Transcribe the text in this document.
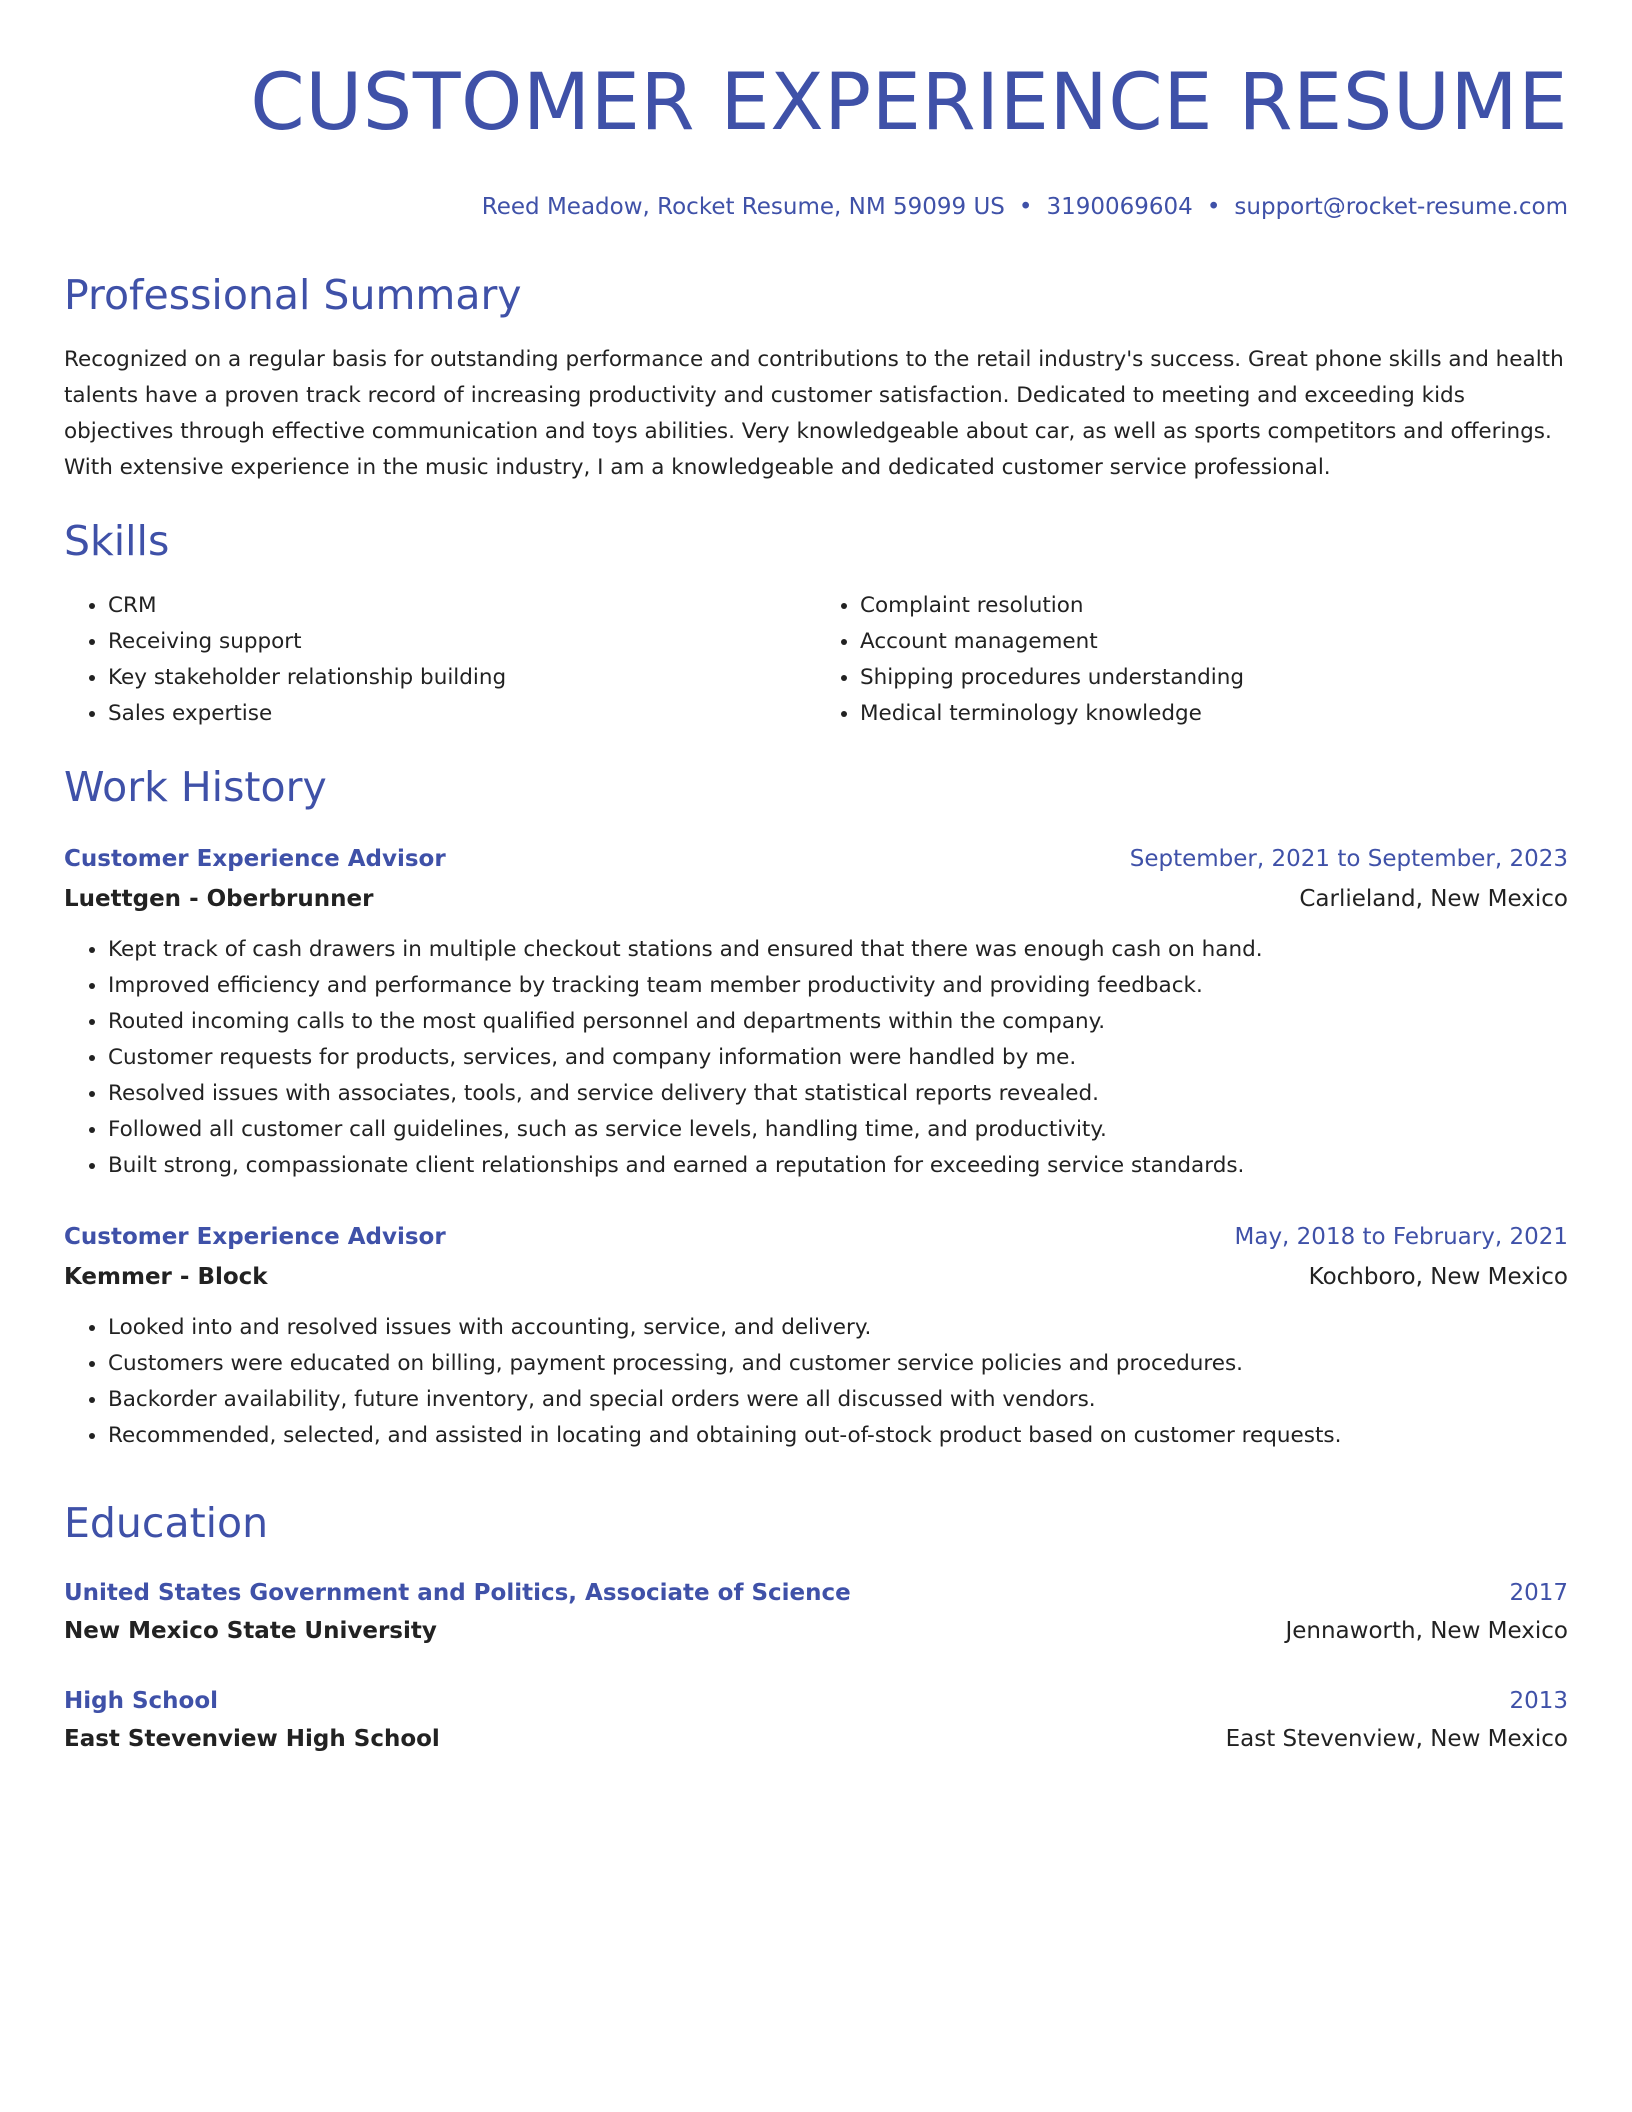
CUSTOMER EXPERIENCE RESUME
Reed Meadow, Rocket Resume, NM 59099 US • 3190069604 • support@rocket-resume.com
Professional Summary
Recognized on a regular basis for outstanding performance and contributions to the retail industry's success. Great phone skills and health talents have a proven track record of increasing productivity and customer satisfaction. Dedicated to meeting and exceeding kids objectives through effective communication and toys abilities. Very knowledgeable about car, as well as sports competitors and offerings. With extensive experience in the music industry, I am a knowledgeable and dedicated customer service professional.
Skills
• CRM
• Receiving support
• Key stakeholder relationship building
• Sales expertise
• Complaint resolution
• Account management
• Shipping procedures understanding
• Medical terminology knowledge
Work History
Customer Experience Advisor	September, 2021 to September, 2023
Luettgen - Oberbrunner	Carlieland, New Mexico
• Kept track of cash drawers in multiple checkout stations and ensured that there was enough cash on hand.
• Improved efficiency and performance by tracking team member productivity and providing feedback.
• Routed incoming calls to the most qualified personnel and departments within the company.
• Customer requests for products, services, and company information were handled by me.
• Resolved issues with associates, tools, and service delivery that statistical reports revealed.
• Followed all customer call guidelines, such as service levels, handling time, and productivity.
• Built strong, compassionate client relationships and earned a reputation for exceeding service standards.
Customer Experience Advisor	May, 2018 to February, 2021
Kemmer - Block	Kochboro, New Mexico
• Looked into and resolved issues with accounting, service, and delivery.
• Customers were educated on billing, payment processing, and customer service policies and procedures.
• Backorder availability, future inventory, and special orders were all discussed with vendors.
• Recommended, selected, and assisted in locating and obtaining out-of-stock product based on customer requests.
Education
United States Government and Politics, Associate of Science	2017
New Mexico State University	Jennaworth, New Mexico
High School	2013
East Stevenview High School	East Stevenview, New Mexico
